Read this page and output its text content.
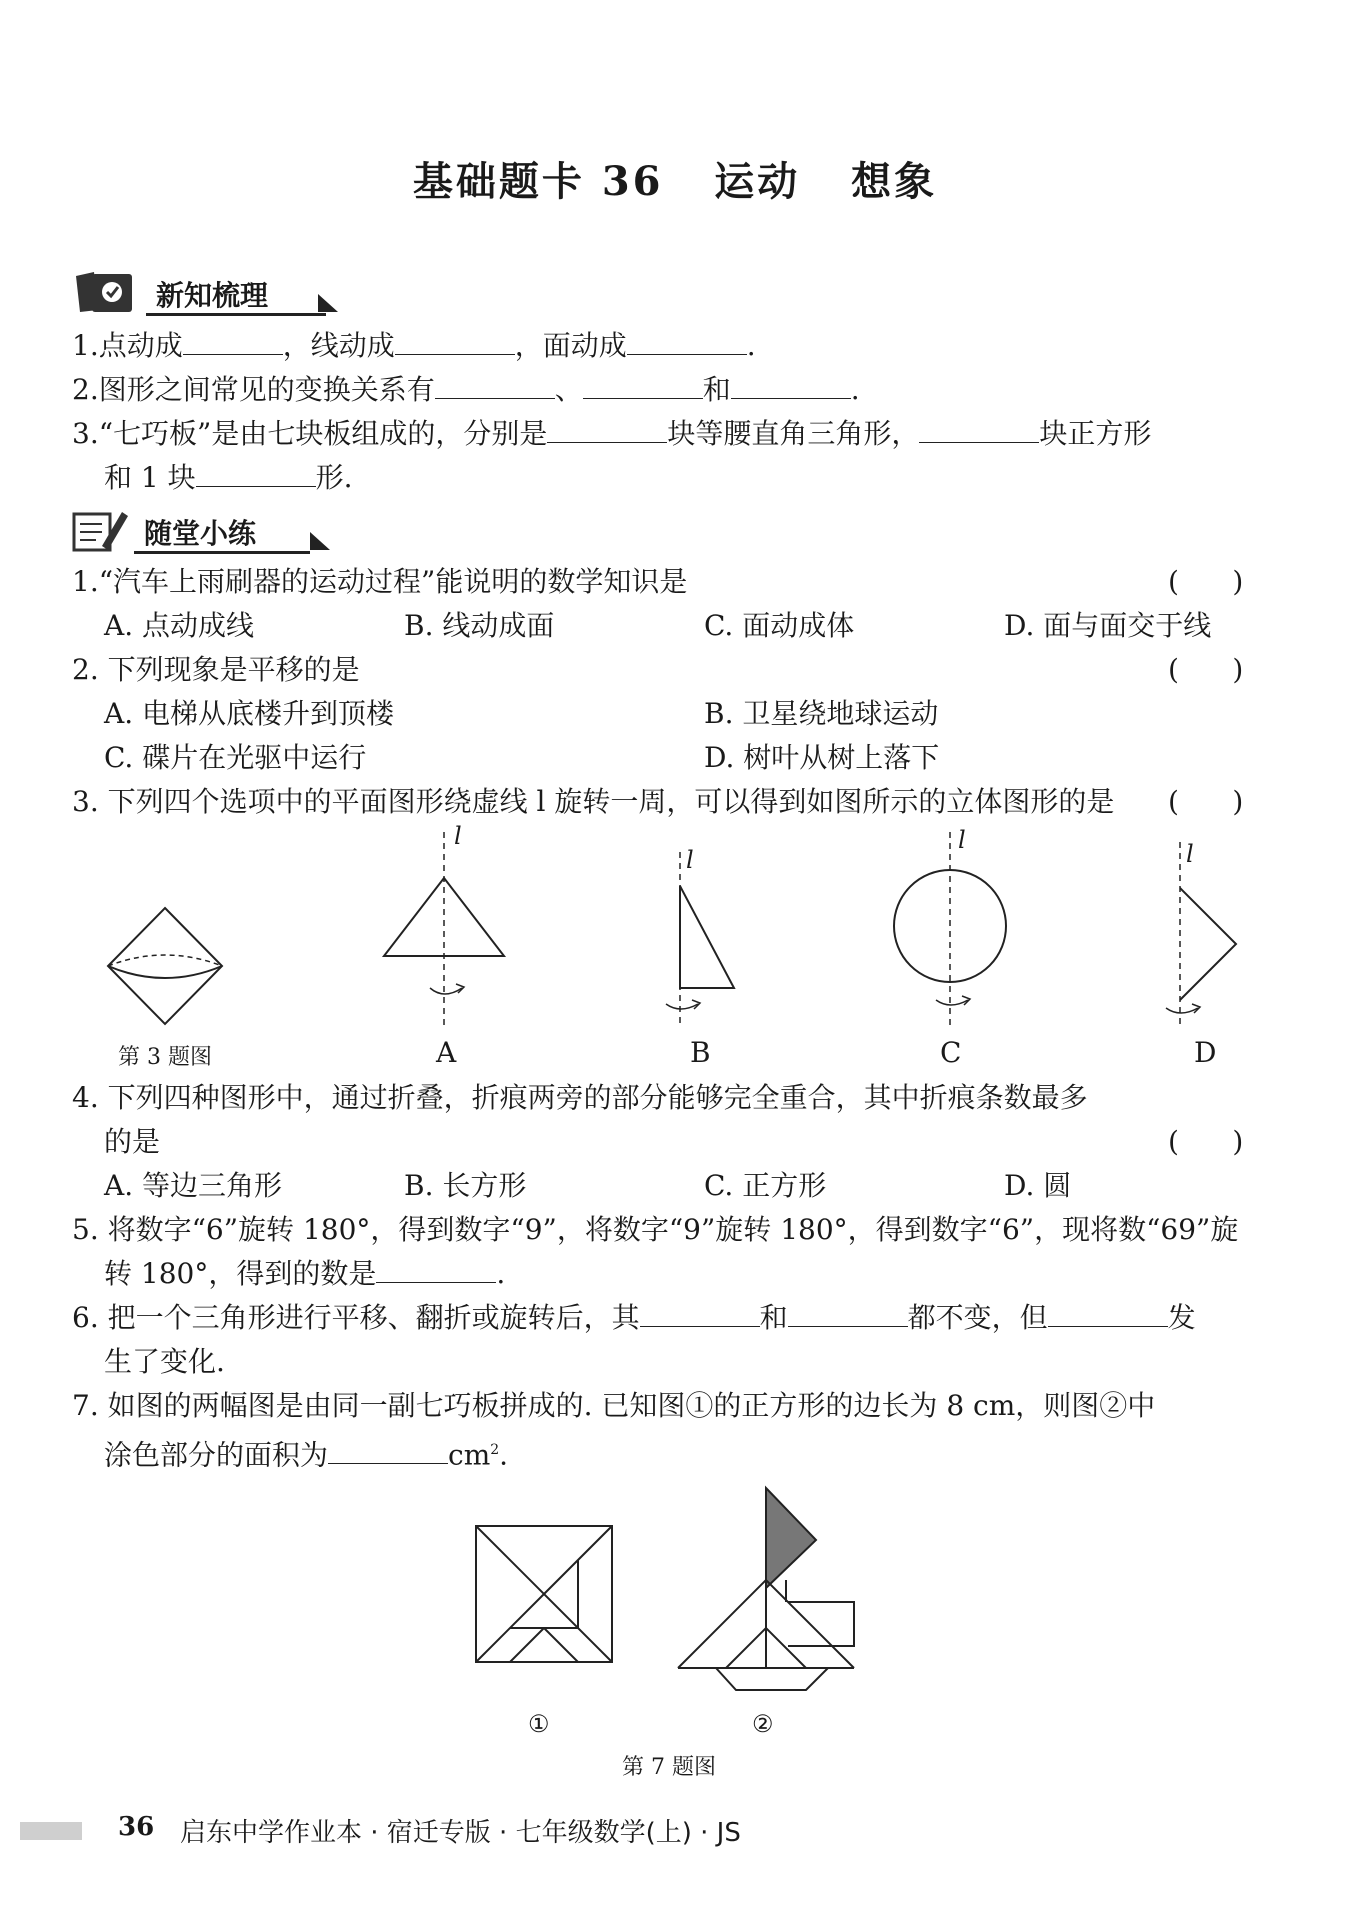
基础题卡 36   运动   想象
新知梳理
1.点动成	，线动成	，面动成	.
2.图形之间常见的变换关系有	、	和	.
3.“七巧板”是由七块板组成的，分别是	块等腰直角三角形，	块正方形
和 1 块	形.
随堂小练
1.“汽车上雨刷器的运动过程”能说明的数学知识是	(      )
A. 点动成线	B. 线动成面	C. 面动成体	D. 面与面交于线
2. 下列现象是平移的是	(      )
A. 电梯从底楼升到顶楼	B. 卫星绕地球运动
C. 碟片在光驱中运行	D. 树叶从树上落下
3. 下列四个选项中的平面图形绕虚线 l 旋转一周，可以得到如图所示的立体图形的是 (      )
第 3 题图
l
A
l
B
l
C
l
D
4. 下列四种图形中，通过折叠，折痕两旁的部分能够完全重合，其中折痕条数最多
的是	(      )
A. 等边三角形	B. 长方形	C. 正方形	D. 圆
5. 将数字“6”旋转 180°，得到数字“9”，将数字“9”旋转 180°，得到数字“6”，现将数“69”旋
转 180°，得到的数是	.
6. 把一个三角形进行平移、翻折或旋转后，其	和	都不变，但	发
生了变化.
7. 如图的两幅图是由同一副七巧板拼成的. 已知图①的正方形的边长为 8 cm，则图②中
涂色部分的面积为	$cm^2$.
①	②
第 7 题图
36 启东中学作业本 · 宿迁专版 · 七年级数学(上) · JS
